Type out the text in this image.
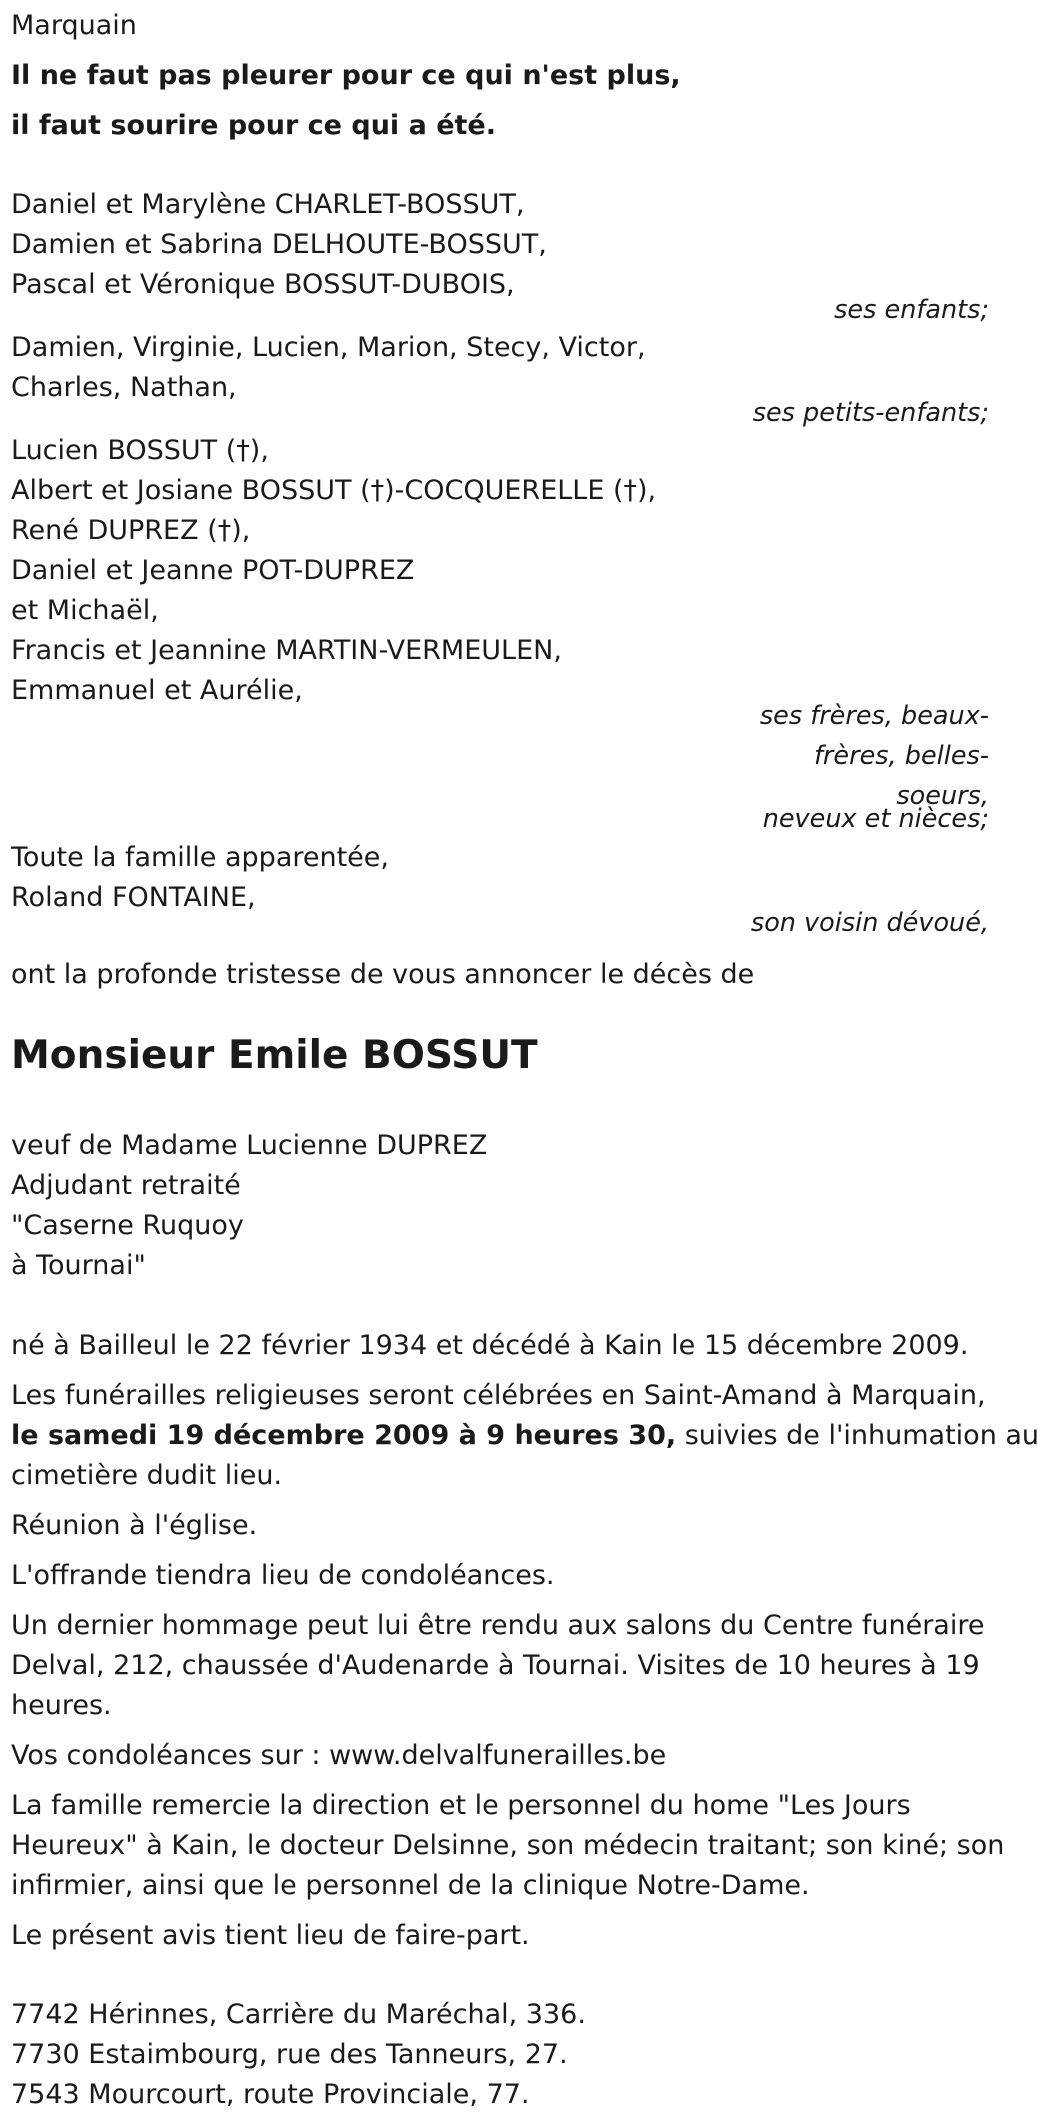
Marquain
Il ne faut pas pleurer pour ce qui n'est plus,
il faut sourire pour ce qui a été.
Daniel et Marylène CHARLET-BOSSUT,
Damien et Sabrina DELHOUTE-BOSSUT,
Pascal et Véronique BOSSUT-DUBOIS,
ses enfants;
Damien, Virginie, Lucien, Marion, Stecy, Victor,
Charles, Nathan,
ses petits-enfants;
Lucien BOSSUT (†),
Albert et Josiane BOSSUT (†)-COCQUERELLE (†),
René DUPREZ (†),
Daniel et Jeanne POT-DUPREZ
et Michaël,
Francis et Jeannine MARTIN-VERMEULEN,
Emmanuel et Aurélie,
ses frères, beaux-
frères, belles-
soeurs,
neveux et nièces;
Toute la famille apparentée,
Roland FONTAINE,
son voisin dévoué,
ont la profonde tristesse de vous annoncer le décès de
Monsieur Emile BOSSUT
veuf de Madame Lucienne DUPREZ
Adjudant retraité
"Caserne Ruquoy
à Tournai"
né à Bailleul le 22 février 1934 et décédé à Kain le 15 décembre 2009.
Les funérailles religieuses seront célébrées en Saint-Amand à Marquain,
le samedi 19 décembre 2009 à 9 heures 30, suivies de l'inhumation au
cimetière dudit lieu.
Réunion à l'église.
L'offrande tiendra lieu de condoléances.
Un dernier hommage peut lui être rendu aux salons du Centre funéraire
Delval, 212, chaussée d'Audenarde à Tournai. Visites de 10 heures à 19
heures.
Vos condoléances sur : www.delvalfunerailles.be
La famille remercie la direction et le personnel du home "Les Jours
Heureux" à Kain, le docteur Delsinne, son médecin traitant; son kiné; son
infirmier, ainsi que le personnel de la clinique Notre-Dame.
Le présent avis tient lieu de faire-part.
7742 Hérinnes, Carrière du Maréchal, 336.
7730 Estaimbourg, rue des Tanneurs, 27.
7543 Mourcourt, route Provinciale, 77.
